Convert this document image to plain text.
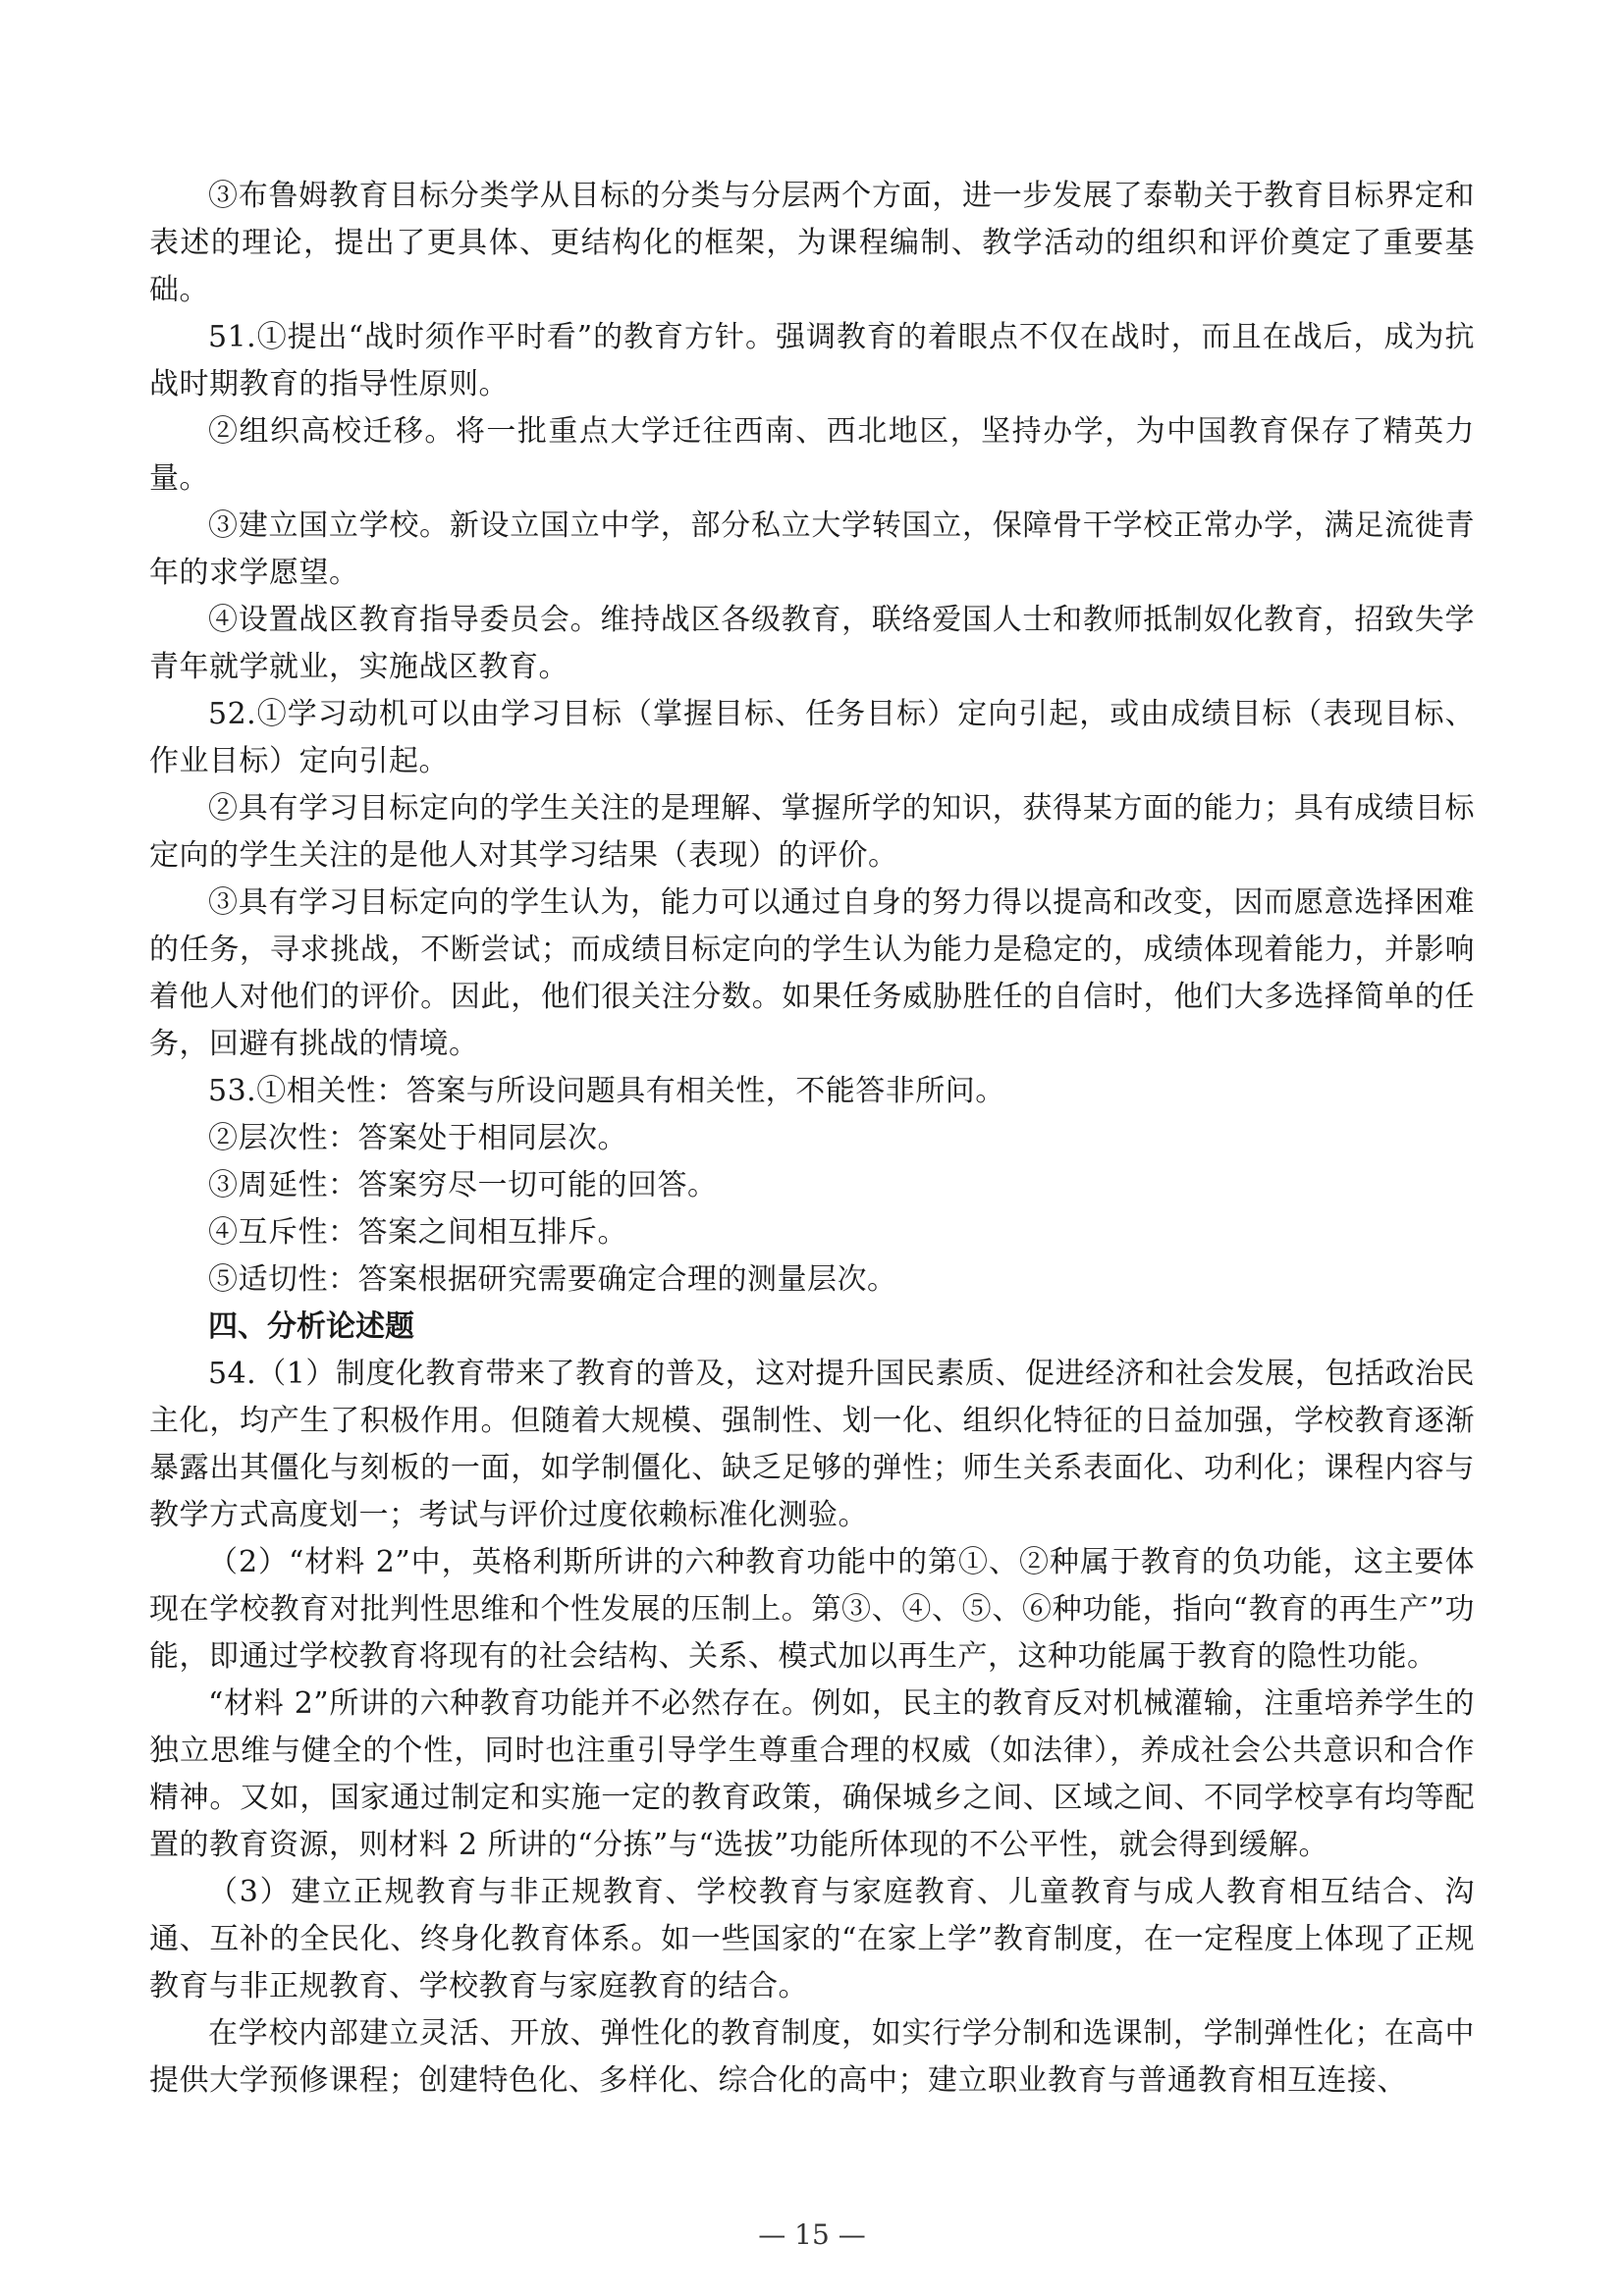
③布鲁姆教育目标分类学从目标的分类与分层两个方面，进一步发展了泰勒关于教育目标界定和表述的理论，提出了更具体、更结构化的框架，为课程编制、教学活动的组织和评价奠定了重要基础。

51.①提出“战时须作平时看”的教育方针。强调教育的着眼点不仅在战时，而且在战后，成为抗战时期教育的指导性原则。

②组织高校迁移。将一批重点大学迁往西南、西北地区，坚持办学，为中国教育保存了精英力量。

③建立国立学校。新设立国立中学，部分私立大学转国立，保障骨干学校正常办学，满足流徙青年的求学愿望。

④设置战区教育指导委员会。维持战区各级教育，联络爱国人士和教师抵制奴化教育，招致失学青年就学就业，实施战区教育。

52.①学习动机可以由学习目标（掌握目标、任务目标）定向引起，或由成绩目标（表现目标、作业目标）定向引起。

②具有学习目标定向的学生关注的是理解、掌握所学的知识，获得某方面的能力；具有成绩目标定向的学生关注的是他人对其学习结果（表现）的评价。

③具有学习目标定向的学生认为，能力可以通过自身的努力得以提高和改变，因而愿意选择困难的任务，寻求挑战，不断尝试；而成绩目标定向的学生认为能力是稳定的，成绩体现着能力，并影响着他人对他们的评价。因此，他们很关注分数。如果任务威胁胜任的自信时，他们大多选择简单的任务，回避有挑战的情境。

53.①相关性：答案与所设问题具有相关性，不能答非所问。

②层次性：答案处于相同层次。

③周延性：答案穷尽一切可能的回答。

④互斥性：答案之间相互排斥。

⑤适切性：答案根据研究需要确定合理的测量层次。

四、分析论述题

54.（1）制度化教育带来了教育的普及，这对提升国民素质、促进经济和社会发展，包括政治民主化，均产生了积极作用。但随着大规模、强制性、划一化、组织化特征的日益加强，学校教育逐渐暴露出其僵化与刻板的一面，如学制僵化、缺乏足够的弹性；师生关系表面化、功利化；课程内容与教学方式高度划一；考试与评价过度依赖标准化测验。

（2）“材料 2”中，英格利斯所讲的六种教育功能中的第①、②种属于教育的负功能，这主要体现在学校教育对批判性思维和个性发展的压制上。第③、④、⑤、⑥种功能，指向“教育的再生产”功能，即通过学校教育将现有的社会结构、关系、模式加以再生产，这种功能属于教育的隐性功能。

“材料 2”所讲的六种教育功能并不必然存在。例如，民主的教育反对机械灌输，注重培养学生的独立思维与健全的个性，同时也注重引导学生尊重合理的权威（如法律），养成社会公共意识和合作精神。又如，国家通过制定和实施一定的教育政策，确保城乡之间、区域之间、不同学校享有均等配置的教育资源，则材料 2 所讲的“分拣”与“选拔”功能所体现的不公平性，就会得到缓解。

（3）建立正规教育与非正规教育、学校教育与家庭教育、儿童教育与成人教育相互结合、沟通、互补的全民化、终身化教育体系。如一些国家的“在家上学”教育制度，在一定程度上体现了正规教育与非正规教育、学校教育与家庭教育的结合。

在学校内部建立灵活、开放、弹性化的教育制度，如实行学分制和选课制，学制弹性化；在高中提供大学预修课程；创建特色化、多样化、综合化的高中；建立职业教育与普通教育相互连接、

— 15 —
